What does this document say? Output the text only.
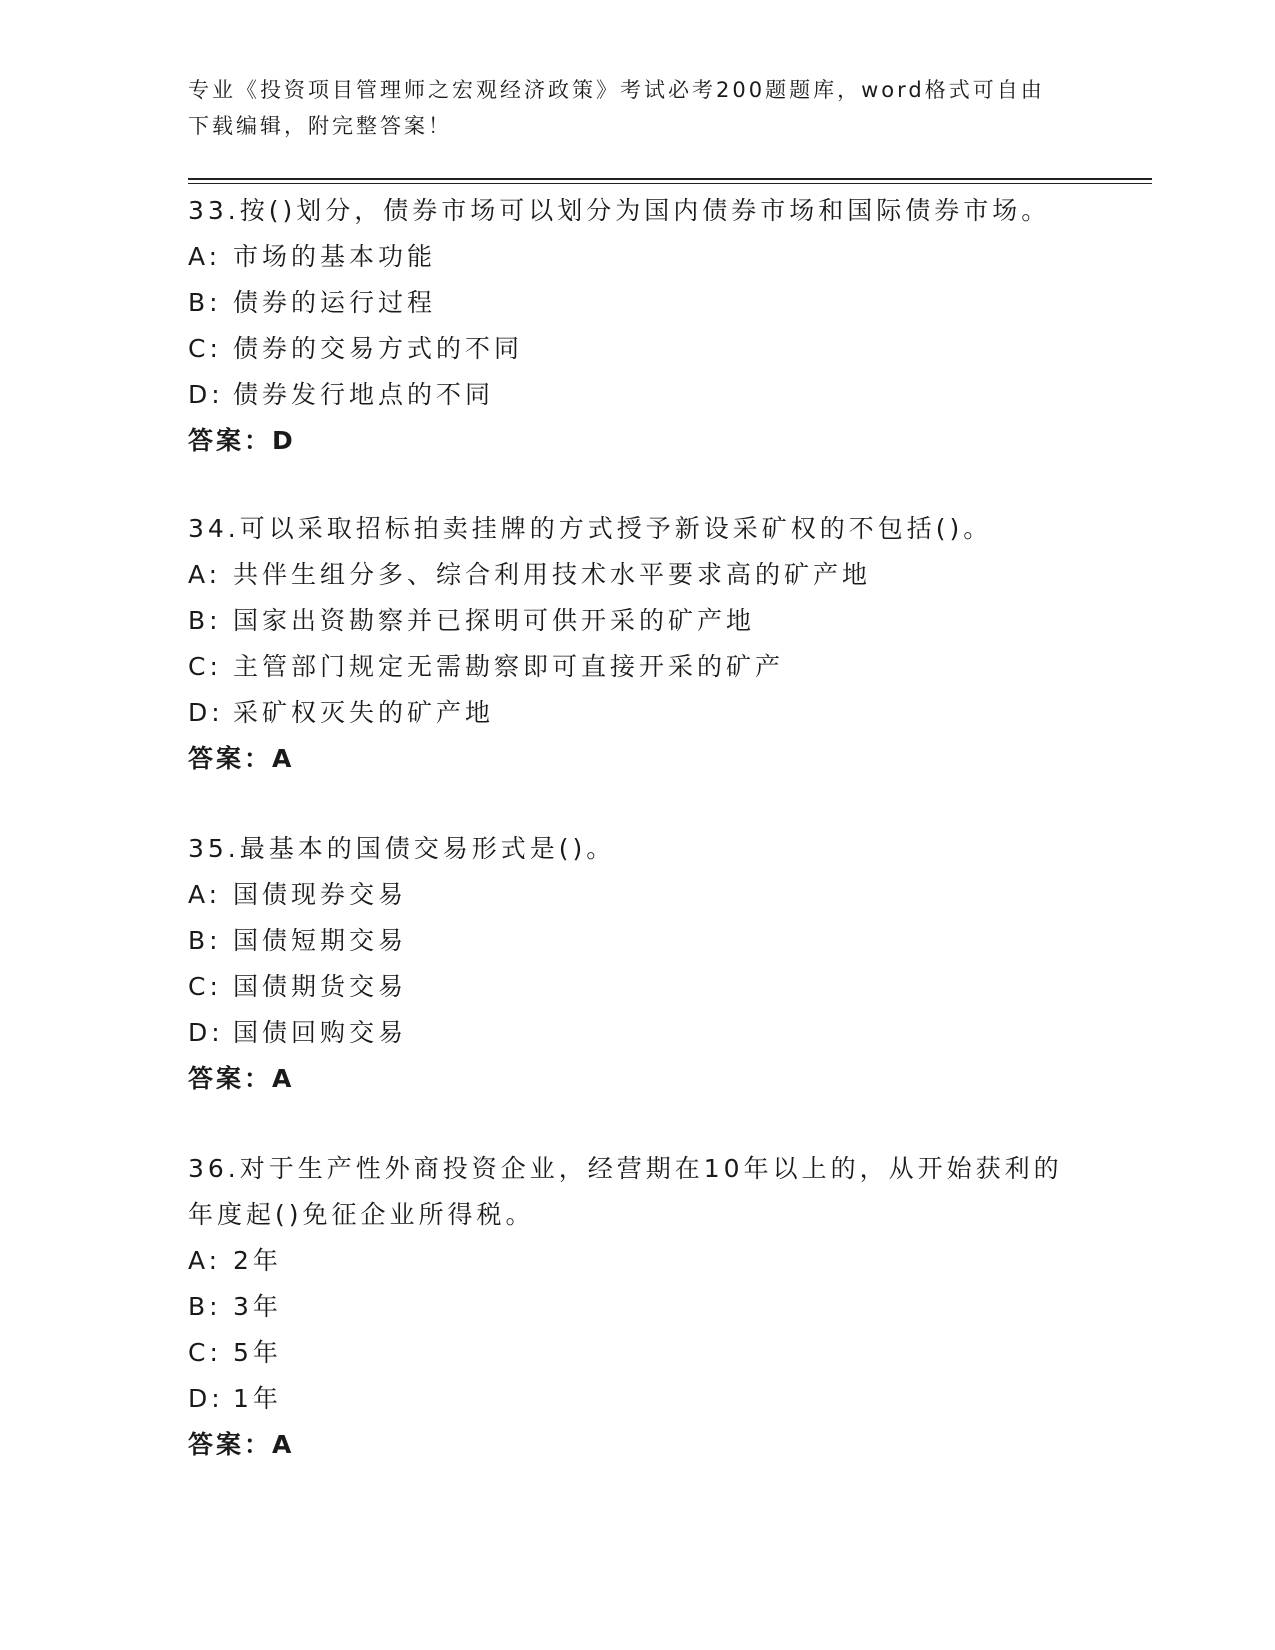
专业《投资项目管理师之宏观经济政策》考试必考200题题库，word格式可自由
下载编辑，附完整答案！

33.按()划分，债券市场可以划分为国内债券市场和国际债券市场。

A: 市场的基本功能

B: 债券的运行过程

C: 债券的交易方式的不同

D: 债券发行地点的不同

答案：D

34.可以采取招标拍卖挂牌的方式授予新设采矿权的不包括()。

A: 共伴生组分多、综合利用技术水平要求高的矿产地

B: 国家出资勘察并已探明可供开采的矿产地

C: 主管部门规定无需勘察即可直接开采的矿产

D: 采矿权灭失的矿产地

答案：A

35.最基本的国债交易形式是()。

A: 国债现券交易

B: 国债短期交易

C: 国债期货交易

D: 国债回购交易

答案：A

36.对于生产性外商投资企业，经营期在10年以上的，从开始获利的

年度起()免征企业所得税。

A: 2年

B: 3年

C: 5年

D: 1年

答案：A
